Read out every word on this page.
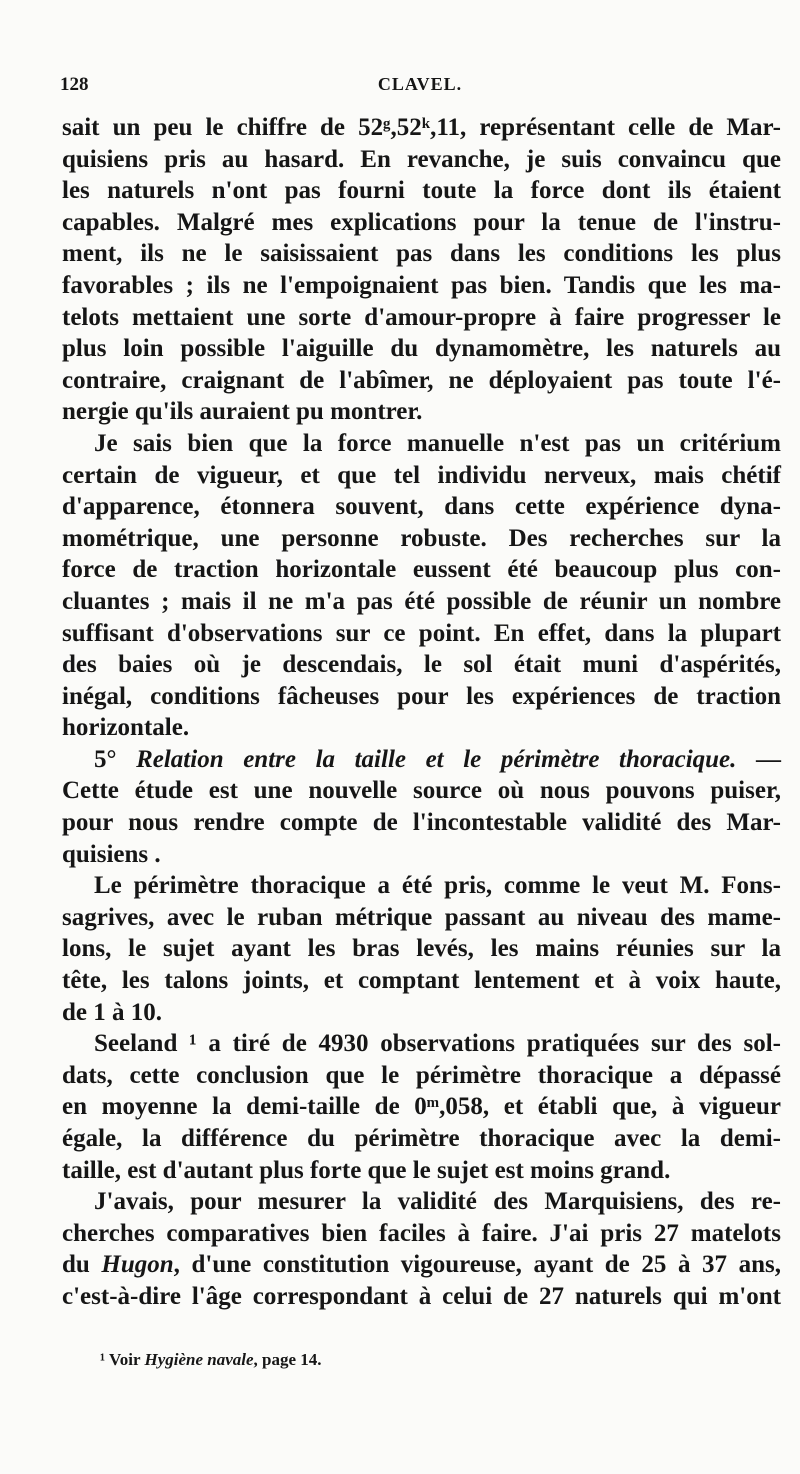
128	CLAVEL.
sait un peu le chiffre de 52ᵍ,52ᵏ,11, représentant celle de Mar-
quisiens pris au hasard. En revanche, je suis convaincu que
les naturels n'ont pas fourni toute la force dont ils étaient
capables. Malgré mes explications pour la tenue de l'instru-
ment, ils ne le saisissaient pas dans les conditions les plus
favorables ; ils ne l'empoignaient pas bien. Tandis que les ma-
telots mettaient une sorte d'amour-propre à faire progresser le
plus loin possible l'aiguille du dynamomètre, les naturels au
contraire, craignant de l'abîmer, ne déployaient pas toute l'é-
nergie qu'ils auraient pu montrer.
Je sais bien que la force manuelle n'est pas un critérium
certain de vigueur, et que tel individu nerveux, mais chétif
d'apparence, étonnera souvent, dans cette expérience dyna-
mométrique, une personne robuste. Des recherches sur la
force de traction horizontale eussent été beaucoup plus con-
cluantes ; mais il ne m'a pas été possible de réunir un nombre
suffisant d'observations sur ce point. En effet, dans la plupart
des baies où je descendais, le sol était muni d'aspérités,
inégal, conditions fâcheuses pour les expériences de traction
horizontale.
5° Relation entre la taille et le périmètre thoracique. —
Cette étude est une nouvelle source où nous pouvons puiser,
pour nous rendre compte de l'incontestable validité des Mar-
quisiens .
Le périmètre thoracique a été pris, comme le veut M. Fons-
sagrives, avec le ruban métrique passant au niveau des mame-
lons, le sujet ayant les bras levés, les mains réunies sur la
tête, les talons joints, et comptant lentement et à voix haute,
de 1 à 10.
Seeland ¹ a tiré de 4930 observations pratiquées sur des sol-
dats, cette conclusion que le périmètre thoracique a dépassé
en moyenne la demi-taille de 0ᵐ,058, et établi que, à vigueur
égale, la différence du périmètre thoracique avec la demi-
taille, est d'autant plus forte que le sujet est moins grand.
J'avais, pour mesurer la validité des Marquisiens, des re-
cherches comparatives bien faciles à faire. J'ai pris 27 matelots
du Hugon, d'une constitution vigoureuse, ayant de 25 à 37 ans,
c'est-à-dire l'âge correspondant à celui de 27 naturels qui m'ont
¹ Voir Hygiène navale, page 14.
